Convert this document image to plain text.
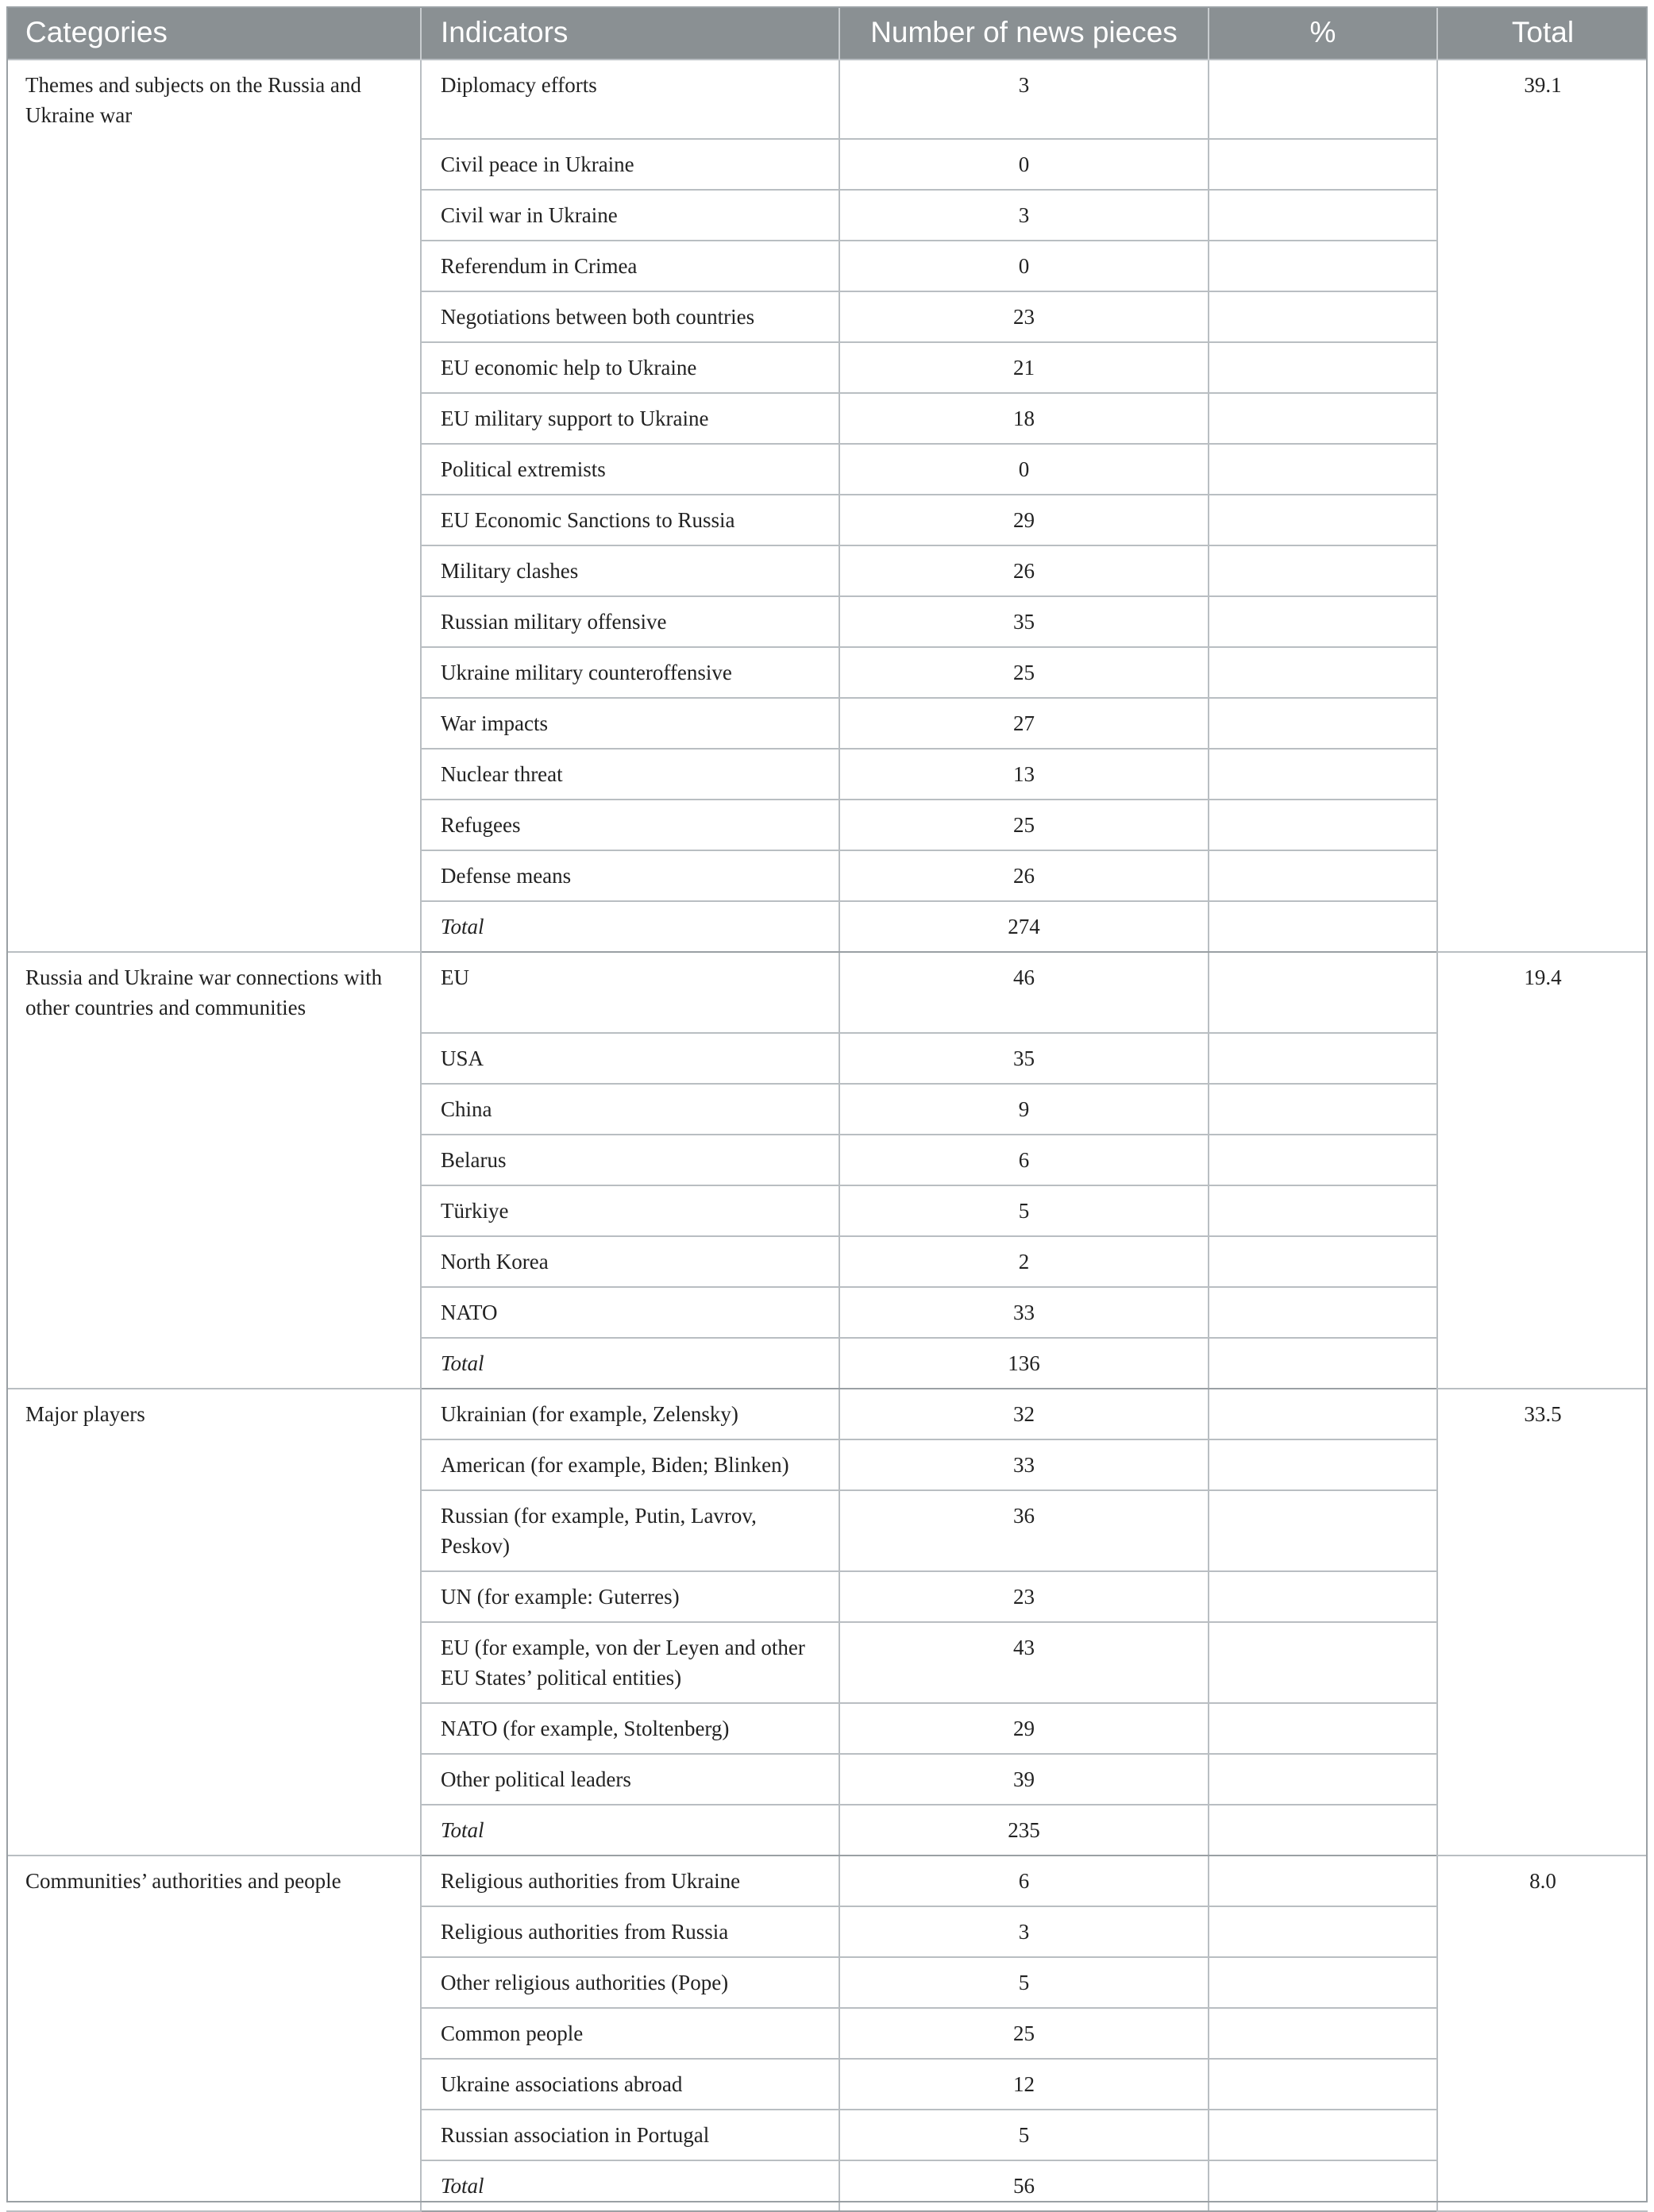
Categories	Indicators	Number of news pieces	%	Total
Themes and subjects on the Russia and Ukraine war	Diplomacy efforts	3		39.1
	Civil peace in Ukraine	0		
	Civil war in Ukraine	3		
	Referendum in Crimea	0		
	Negotiations between both countries	23		
	EU economic help to Ukraine	21		
	EU military support to Ukraine	18		
	Political extremists	0		
	EU Economic Sanctions to Russia	29		
	Military clashes	26		
	Russian military offensive	35		
	Ukraine military counteroffensive	25		
	War impacts	27		
	Nuclear threat	13		
	Refugees	25		
	Defense means	26		
	Total	274		
Russia and Ukraine war connections with other countries and communities	EU	46		19.4
	USA	35		
	China	9		
	Belarus	6		
	Türkiye	5		
	North Korea	2		
	NATO	33		
	Total	136		
Major players	Ukrainian (for example, Zelensky)	32		33.5
	American (for example, Biden; Blinken)	33		
	Russian (for example, Putin, Lavrov, Peskov)	36		
	UN (for example: Guterres)	23		
	EU (for example, von der Leyen and other EU States’ political entities)	43		
	NATO (for example, Stoltenberg)	29		
	Other political leaders	39		
	Total	235		
Communities’ authorities and people	Religious authorities from Ukraine	6		8.0
	Religious authorities from Russia	3		
	Other religious authorities (Pope)	5		
	Common people	25		
	Ukraine associations abroad	12		
	Russian association in Portugal	5		
	Total	56		
